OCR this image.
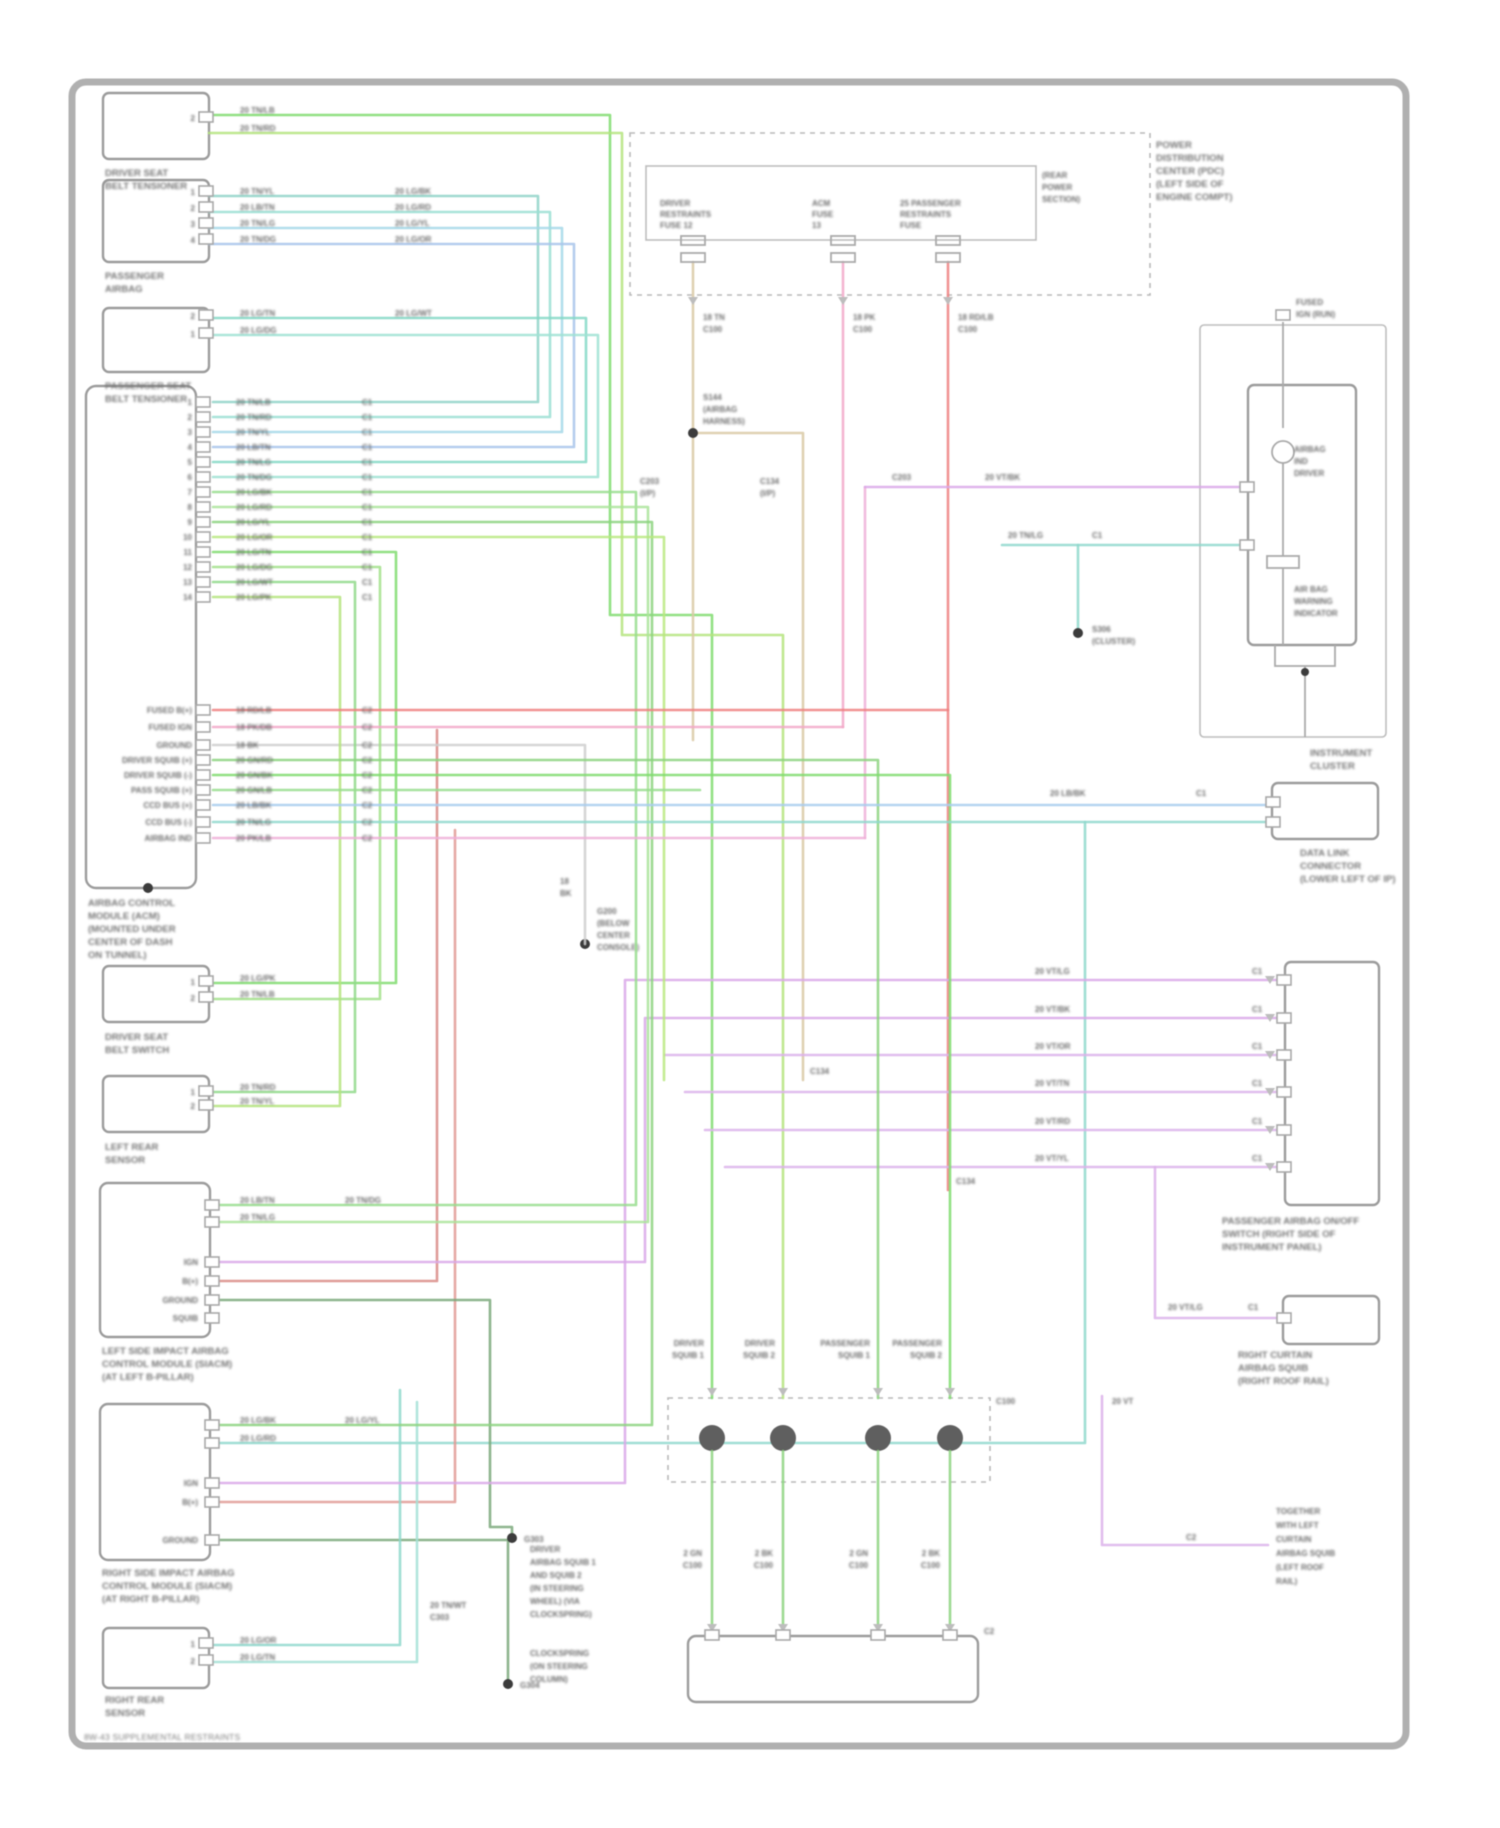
8W-43 SUPPLEMENTAL RESTRAINTS
DRIVER SEAT
BELT TENSIONER
PASSENGER
AIRBAG
PASSENGER SEAT
BELT TENSIONER
AIRBAG CONTROL
MODULE (ACM)
(MOUNTED UNDER
CENTER OF DASH
ON TUNNEL)
DRIVER SEAT
BELT SWITCH
LEFT REAR
SENSOR
LEFT SIDE IMPACT AIRBAG
CONTROL MODULE (SIACM)
(AT LEFT B-PILLAR)
RIGHT SIDE IMPACT AIRBAG
CONTROL MODULE (SIACM)
(AT RIGHT B-PILLAR)
RIGHT REAR
SENSOR
POWER
DISTRIBUTION
CENTER (PDC)
(LEFT SIDE OF
ENGINE COMPT)
(REAR
POWER
SECTION)
DRIVER
RESTRAINTS
FUSE 12
ACM
FUSE
13
25 PASSENGER
RESTRAINTS
FUSE
18 TN
C100
18 PK
C100
18 RD/LB
C100
FUSED
IGN (RUN)
AIRBAG
IND
DRIVER
AIR BAG
WARNING
INDICATOR
INSTRUMENT
CLUSTER
C203	20 VT/BK
20 TN/LG	C1
S306
(CLUSTER)
DATA LINK
CONNECTOR
(LOWER LEFT OF IP)
20 LB/BK	C1
PASSENGER AIRBAG ON/OFF
SWITCH (RIGHT SIDE OF
INSTRUMENT PANEL)
20 VT/LG	C1
RIGHT CURTAIN
AIRBAG SQUIB
(RIGHT ROOF RAIL)
TOGETHER
WITH LEFT
CURTAIN
AIRBAG SQUIB
(LEFT ROOF
RAIL)
20 VT
C2
S144
(AIRBAG
HARNESS)
18
BK
G200
(BELOW
CENTER
CONSOLE)
G303
G304
C203
(I/P)
C134
(I/P)
20 TN/WT
C303
C134
C134
DRIVER
AIRBAG SQUIB 1
AND SQUIB 2
(IN STEERING
WHEEL) (VIA
CLOCKSPRING)
CLOCKSPRING
(ON STEERING
COLUMN)
C100
C2
1	20 TN/LB	C1
2	20 TN/RD	C1
3	20 TN/YL	C1
4	20 LB/TN	C1
5	20 TN/LG	C1
6	20 TN/DG	C1
7	20 LG/BK	C1
8	20 LG/RD	C1
9	20 LG/YL	C1
10	20 LG/OR	C1
11	20 LG/TN	C1
12	20 LG/DG	C1
13	20 LG/WT	C1
14	20 LG/PK	C1
FUSED B(+)	18 RD/LB	C2
FUSED IGN	18 PK/DB	C2
GROUND	18 BK	C2
DRIVER SQUIB (+)	20 GN/RD	C2
DRIVER SQUIB (-)	20 GN/BK	C2
PASS SQUIB (+)	20 GN/LB	C2
CCD BUS (+)	20 LB/BK	C2
CCD BUS (-)	20 TN/LG	C2
AIRBAG IND	20 PK/LB	C2
2
1
2
3
4
2
1
1
2
1
2
1
2
IGN
B(+)
GROUND
SQUIB
IGN
B(+)
GROUND
20 TN/LB
20 TN/RD
20 TN/YL
20 LB/TN
20 TN/LG
20 TN/DG
20 LG/BK
20 LG/RD
20 LG/YL
20 LG/OR
20 LG/TN
20 LG/DG
20 LG/WT
20 LG/PK
20 TN/LB
20 TN/RD
20 TN/YL
20 LB/TN
20 TN/LG
20 TN/DG
20 LG/BK
20 LG/RD
20 LG/YL
20 LG/OR
20 LG/TN
20 VT/LG	C1
20 VT/BK	C1
20 VT/OR	C1
20 VT/TN	C1
20 VT/RD	C1
20 VT/YL	C1
DRIVER
SQUIB 1
2 GN
C100
DRIVER
SQUIB 2
2 BK
C100
PASSENGER
SQUIB 1
2 GN
C100
PASSENGER
SQUIB 2
2 BK
C100
